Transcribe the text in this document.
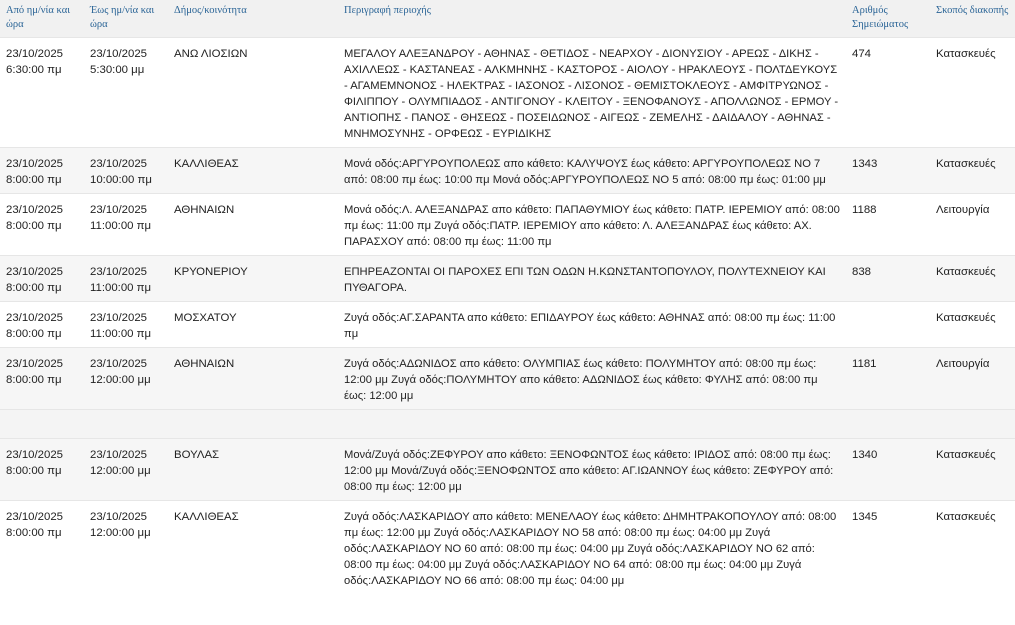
Από ημ/νία και ώρα	Έως ημ/νία και ώρα	Δήμος/κοινότητα	Περιγραφή περιοχής	Αριθμός Σημειώματος	Σκοπός διακοπής
23/10/2025 6:30:00 πμ	23/10/2025 5:30:00 μμ	ΑΝΩ ΛΙΟΣΙΩΝ	ΜΕΓΑΛΟΥ ΑΛΕΞΑΝΔΡΟΥ - ΑΘΗΝΑΣ - ΘΕΤΙΔΟΣ - ΝΕΑΡΧΟΥ - ΔΙΟΝΥΣΙΟΥ - ΑΡΕΩΣ - ΔΙΚΗΣ - ΑΧΙΛΛΕΩΣ - ΚΑΣΤΑΝΕΑΣ - ΑΛΚΜΗΝΗΣ - ΚΑΣΤΟΡΟΣ - ΑΙΟΛΟΥ - ΗΡΑΚΛΕΟΥΣ - ΠΟΛΤΔΕΥΚΟΥΣ - ΑΓΑΜΕΜΝΟΝΟΣ - ΗΛΕΚΤΡΑΣ - ΙΑΣΟΝΟΣ - ΛΙΣΟΝΟΣ - ΘΕΜΙΣΤΟΚΛΕΟΥΣ - ΑΜΦΙΤΡΥΩΝΟΣ - ΦΙΛΙΠΠΟΥ - ΟΛΥΜΠΙΑΔΟΣ - ΑΝΤΙΓΟΝΟΥ - ΚΛΕΙΤΟΥ - ΞΕΝΟΦΑΝΟΥΣ - ΑΠΟΛΛΩΝΟΣ - ΕΡΜΟΥ - ΑΝΤΙΟΠΗΣ - ΠΑΝΟΣ - ΘΗΣΕΩΣ - ΠΟΣΕΙΔΩΝΟΣ - ΑΙΓΕΩΣ - ΖΕΜΕΛΗΣ - ΔΑΙΔΑΛΟΥ - ΑΘΗΝΑΣ - ΜΝΗΜΟΣΥΝΗΣ - ΟΡΦΕΩΣ - ΕΥΡΙΔΙΚΗΣ	474	Κατασκευές
23/10/2025 8:00:00 πμ	23/10/2025 10:00:00 πμ	ΚΑΛΛΙΘΕΑΣ	Μονά οδός:ΑΡΓΥΡΟΥΠΟΛΕΩΣ απο κάθετο: ΚΑΛΥΨΟΥΣ έως κάθετο: ΑΡΓΥΡΟΥΠΟΛΕΩΣ ΝΟ 7 από: 08:00 πμ έως: 10:00 πμ Μονά οδός:ΑΡΓΥΡΟΥΠΟΛΕΩΣ ΝΟ 5 από: 08:00 πμ έως: 01:00 μμ	1343	Κατασκευές
23/10/2025 8:00:00 πμ	23/10/2025 11:00:00 πμ	ΑΘΗΝΑΙΩΝ	Μονά οδός:Λ. ΑΛΕΞΑΝΔΡΑΣ απο κάθετο: ΠΑΠΑΘΥΜΙΟΥ έως κάθετο: ΠΑΤΡ. ΙΕΡΕΜΙΟΥ από: 08:00 πμ έως: 11:00 πμ Ζυγά οδός:ΠΑΤΡ. ΙΕΡΕΜΙΟΥ απο κάθετο: Λ. ΑΛΕΞΑΝΔΡΑΣ έως κάθετο: ΑΧ. ΠΑΡΑΣΧΟΥ από: 08:00 πμ έως: 11:00 πμ	1188	Λειτουργία
23/10/2025 8:00:00 πμ	23/10/2025 11:00:00 πμ	ΚΡΥΟΝΕΡΙΟΥ	ΕΠΗΡΕΑΖΟΝΤΑΙ ΟΙ ΠΑΡΟΧΕΣ ΕΠΙ ΤΩΝ ΟΔΩΝ Η.ΚΩΝΣΤΑΝΤΟΠΟΥΛΟΥ, ΠΟΛΥΤΕΧΝΕΙΟΥ ΚΑΙ ΠΥΘΑΓΟΡΑ.	838	Κατασκευές
23/10/2025 8:00:00 πμ	23/10/2025 11:00:00 πμ	ΜΟΣΧΑΤΟΥ	Ζυγά οδός:ΑΓ.ΣΑΡΑΝΤΑ απο κάθετο: ΕΠΙΔΑΥΡΟΥ έως κάθετο: ΑΘΗΝΑΣ από: 08:00 πμ έως: 11:00 πμ		Κατασκευές
23/10/2025 8:00:00 πμ	23/10/2025 12:00:00 μμ	ΑΘΗΝΑΙΩΝ	Ζυγά οδός:ΑΔΩΝΙΔΟΣ απο κάθετο: ΟΛΥΜΠΙΑΣ έως κάθετο: ΠΟΛΥΜΗΤΟΥ από: 08:00 πμ έως: 12:00 μμ Ζυγά οδός:ΠΟΛΥΜΗΤΟΥ απο κάθετο: ΑΔΩΝΙΔΟΣ έως κάθετο: ΦΥΛΗΣ από: 08:00 πμ έως: 12:00 μμ	1181	Λειτουργία

23/10/2025 8:00:00 πμ	23/10/2025 12:00:00 μμ	ΒΟΥΛΑΣ	Μονά/Ζυγά οδός:ΖΕΦΥΡΟΥ απο κάθετο: ΞΕΝΟΦΩΝΤΟΣ έως κάθετο: ΙΡΙΔΟΣ από: 08:00 πμ έως: 12:00 μμ Μονά/Ζυγά οδός:ΞΕΝΟΦΩΝΤΟΣ απο κάθετο: ΑΓ.ΙΩΑΝΝΟΥ έως κάθετο: ΖΕΦΥΡΟΥ από: 08:00 πμ έως: 12:00 μμ	1340	Κατασκευές
23/10/2025 8:00:00 πμ	23/10/2025 12:00:00 μμ	ΚΑΛΛΙΘΕΑΣ	Ζυγά οδός:ΛΑΣΚΑΡΙΔΟΥ απο κάθετο: ΜΕΝΕΛΑΟΥ έως κάθετο: ΔΗΜΗΤΡΑΚΟΠΟΥΛΟΥ από: 08:00 πμ έως: 12:00 μμ Ζυγά οδός:ΛΑΣΚΑΡΙΔΟΥ ΝΟ 58 από: 08:00 πμ έως: 04:00 μμ Ζυγά οδός:ΛΑΣΚΑΡΙΔΟΥ ΝΟ 60 από: 08:00 πμ έως: 04:00 μμ Ζυγά οδός:ΛΑΣΚΑΡΙΔΟΥ ΝΟ 62 από: 08:00 πμ έως: 04:00 μμ Ζυγά οδός:ΛΑΣΚΑΡΙΔΟΥ ΝΟ 64 από: 08:00 πμ έως: 04:00 μμ Ζυγά οδός:ΛΑΣΚΑΡΙΔΟΥ ΝΟ 66 από: 08:00 πμ έως: 04:00 μμ	1345	Κατασκευές
